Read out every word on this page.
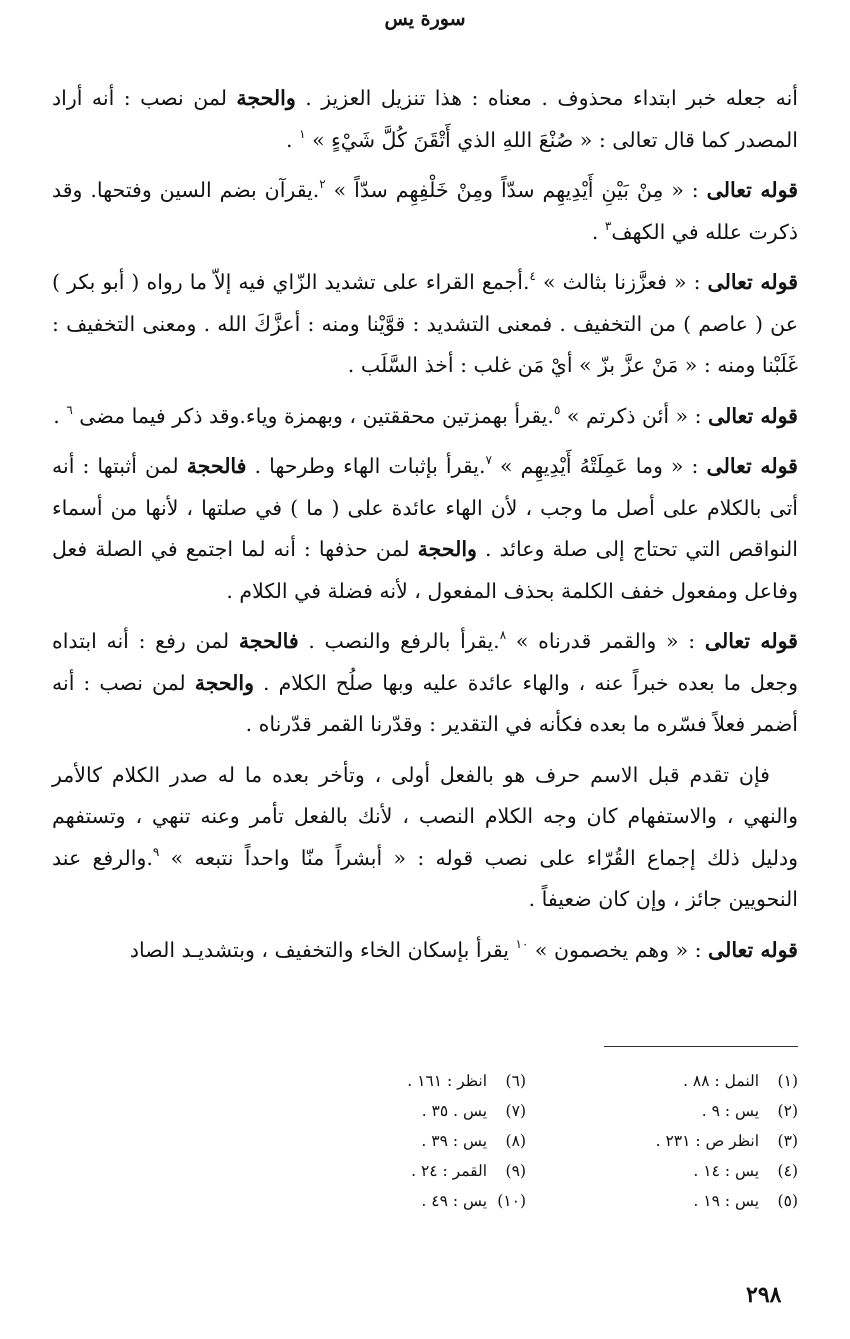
سورة يس

أنه جعله خبر ابتداء محذوف . معناه : هذا تنزيل العزيز . والحجة لمن نصب : أنه أراد المصدر كما قال تعالى : « صُنْعَ اللهِ الذي أَتْقَنَ كُلَّ شَيْءٍ » $^١$ .

قوله تعالى : « مِنْ بَيْنِ أَيْدِيهِم سدّاً ومِنْ خَلْفِهِم سدّاً » $^٢$.يقرآن بضم السين وفتحها. وقد ذكرت علله في الكهف$^٣$ .

قوله تعالى : « فعزَّزنا بثالث » $^٤$.أجمع القراء على تشديد الزّاي فيه إلاّ ما رواه ( أبو بكر ) عن ( عاصم ) من التخفيف . فمعنى التشديد : قوَّيْنا ومنه : أعزَّكَ الله . ومعنى التخفيف : غَلَبْنا ومنه : « مَنْ عزَّ بزّ » أيْ مَن غلب : أخذ السَّلَب .

قوله تعالى : « أئن ذكرتم » $^٥$.يقرأ بهمزتين محققتين ، وبهمزة وياء.وقد ذكر فيما مضى $^٦$ .

قوله تعالى : « وما عَمِلَتْهُ أَيْدِيهِم » $^٧$.يقرأ بإثبات الهاء وطرحها . فالحجة لمن أثبتها : أنه أتى بالكلام على أصل ما وجب ، لأن الهاء عائدة على ( ما ) في صلتها ، لأنها من أسماء النواقص التي تحتاج إلى صلة وعائد . والحجة لمن حذفها : أنه لما اجتمع في الصلة فعل وفاعل ومفعول خفف الكلمة بحذف المفعول ، لأنه فضلة في الكلام .

قوله تعالى : « والقمر قدرناه » $^٨$.يقرأ بالرفع والنصب . فالحجة لمن رفع : أنه ابتداه وجعل ما بعده خبراً عنه ، والهاء عائدة عليه وبها صلُح الكلام . والحجة لمن نصب : أنه أضمر فعلاً فسّره ما بعده فكأنه في التقدير : وقدّرنا القمر قدّرناه .

فإن تقدم قبل الاسم حرف هو بالفعل أولى ، وتأخر بعده ما له صدر الكلام كالأمر والنهي ، والاستفهام كان وجه الكلام النصب ، لأنك بالفعل تأمر وعنه تنهي ، وتستفهم ودليل ذلك إجماع القُرّاء على نصب قوله : « أبشراً منّا واحداً نتبعه » $^٩$.والرفع عند النحويين جائز ، وإن كان ضعيفاً .

قوله تعالى : « وهم يخصمون » $^{١٠}$ يقرأ بإسكان الخاء والتخفيف ، وبتشديـد الصاد

(١) النمل : ٨٨ .
(٢) يس : ٩ .
(٣) انظر ص : ٢٣١ .
(٤) يس : ١٤ .
(٥) يس : ١٩ .
(٦) انظر : ١٦١ .
(٧) يس . ٣٥ .
(٨) يس : ٣٩ .
(٩) القمر : ٢٤ .
(١٠) يس : ٤٩ .
٢٩٨
